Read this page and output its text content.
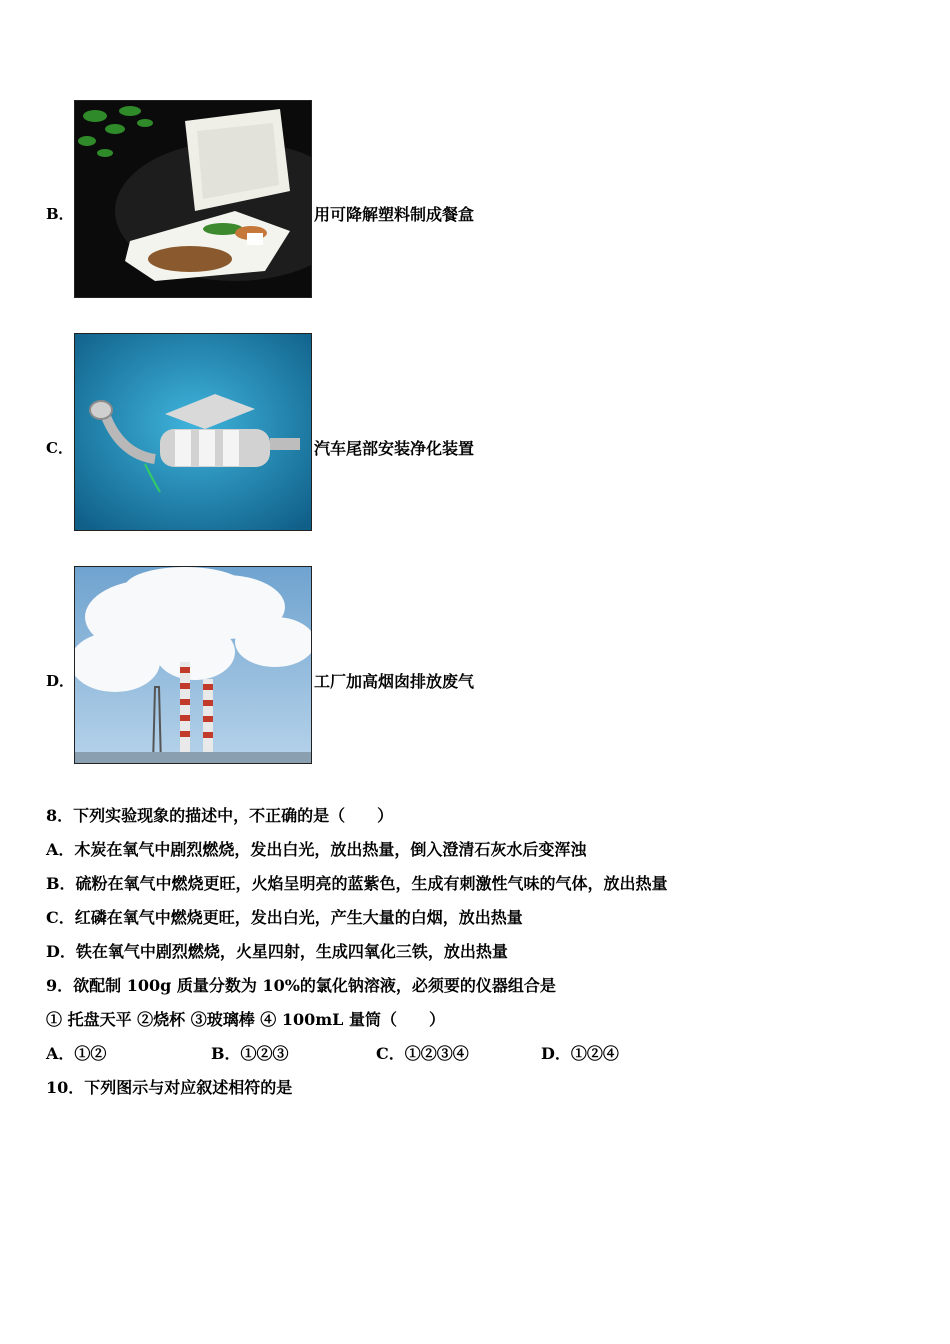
B．	用可降解塑料制成餐盒
C．	汽车尾部安装净化装置
D．	工厂加高烟囱排放废气
8．下列实验现象的描述中，不正确的是（　　）
A．木炭在氧气中剧烈燃烧，发出白光，放出热量，倒入澄清石灰水后变浑浊
B．硫粉在氧气中燃烧更旺，火焰呈明亮的蓝紫色，生成有刺激性气味的气体，放出热量
C．红磷在氧气中燃烧更旺，发出白光，产生大量的白烟，放出热量
D．铁在氧气中剧烈燃烧，火星四射，生成四氧化三铁，放出热量
9．欲配制 100g 质量分数为 10%的氯化钠溶液，必须要的仪器组合是
① 托盘天平 ②烧杯 ③玻璃棒 ④ 100mL 量筒（　　）
A．①②	B．①②③	C．①②③④	D．①②④
10．下列图示与对应叙述相符的是
